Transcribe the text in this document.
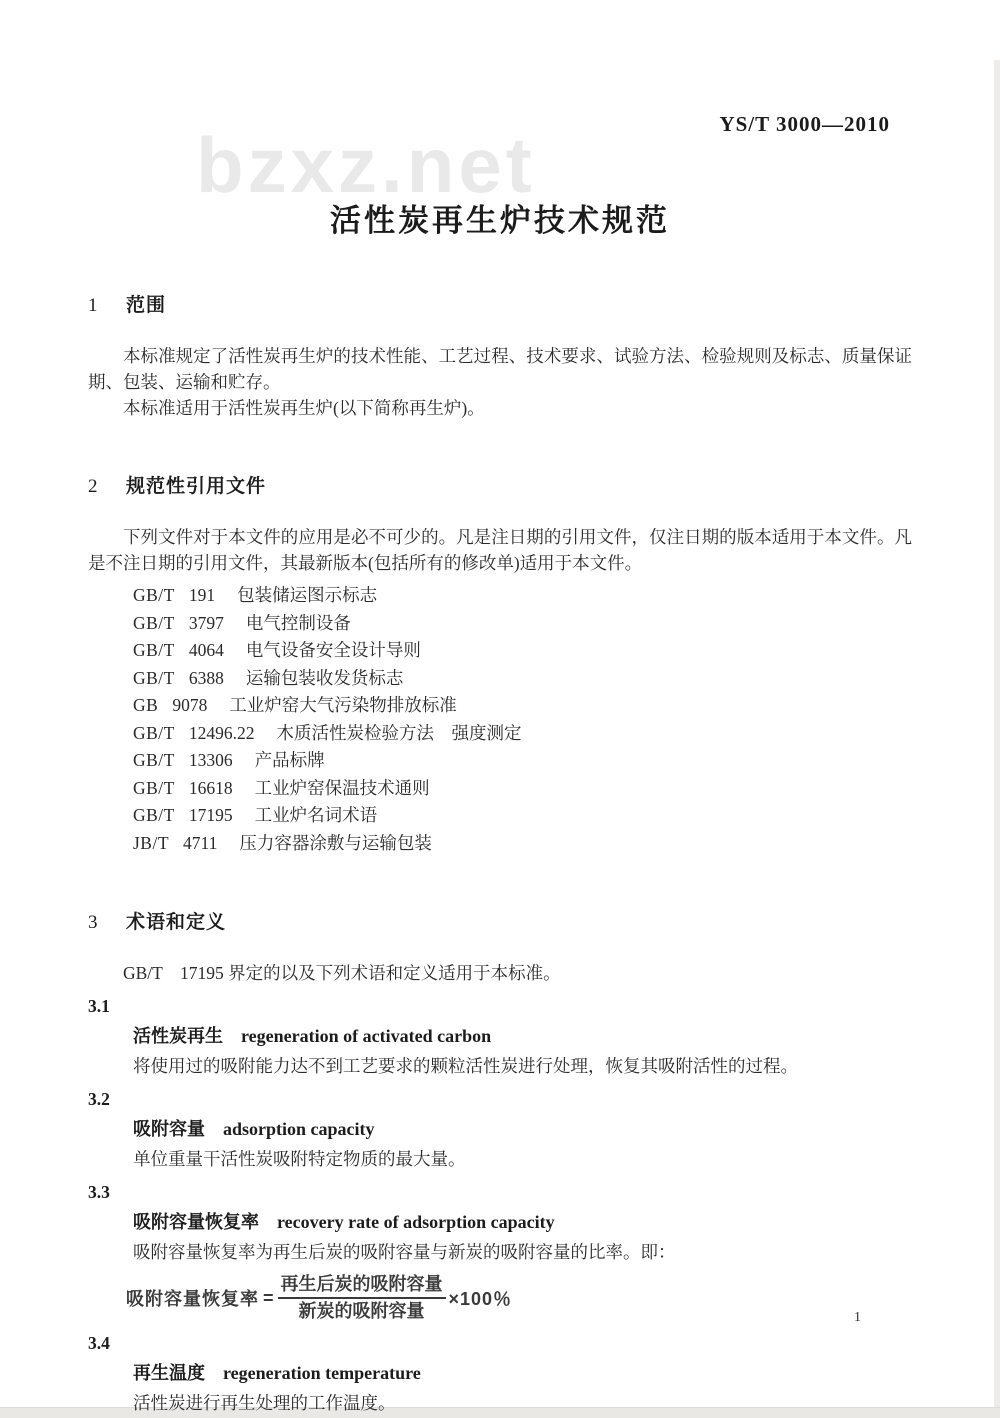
bzxz.net	YS/T 3000—2010
活性炭再生炉技术规范
1	范围

本标准规定了活性炭再生炉的技术性能、工艺过程、技术要求、试验方法、检验规则及标志、质量保证期、包装、运输和贮存。

本标准适用于活性炭再生炉(以下简称再生炉)。

2	规范性引用文件

下列文件对于本文件的应用是必不可少的。凡是注日期的引用文件，仅注日期的版本适用于本文件。凡是不注日期的引用文件，其最新版本(包括所有的修改单)适用于本文件。

GB/T 191 包装储运图示标志
GB/T 3797 电气控制设备
GB/T 4064 电气设备安全设计导则
GB/T 6388 运输包装收发货标志
GB 9078 工业炉窑大气污染物排放标准
GB/T 12496.22 木质活性炭检验方法　强度测定
GB/T 13306 产品标牌
GB/T 16618 工业炉窑保温技术通则
GB/T 17195 工业炉名词术语
JB/T 4711 压力容器涂敷与运输包装
3	术语和定义

GB/T　17195 界定的以及下列术语和定义适用于本标准。

3.1
活性炭再生 regeneration of activated carbon
将使用过的吸附能力达不到工艺要求的颗粒活性炭进行处理，恢复其吸附活性的过程。
3.2
吸附容量 adsorption capacity
单位重量干活性炭吸附特定物质的最大量。
3.3
吸附容量恢复率 recovery rate of adsorption capacity
吸附容量恢复率为再生后炭的吸附容量与新炭的吸附容量的比率。即：
吸附容量恢复率 = $\frac{\text{再生后炭的吸附容量}}{\text{新炭的吸附容量}} \times 100$％
3.4
再生温度 regeneration temperature
活性炭进行再生处理的工作温度。
1
